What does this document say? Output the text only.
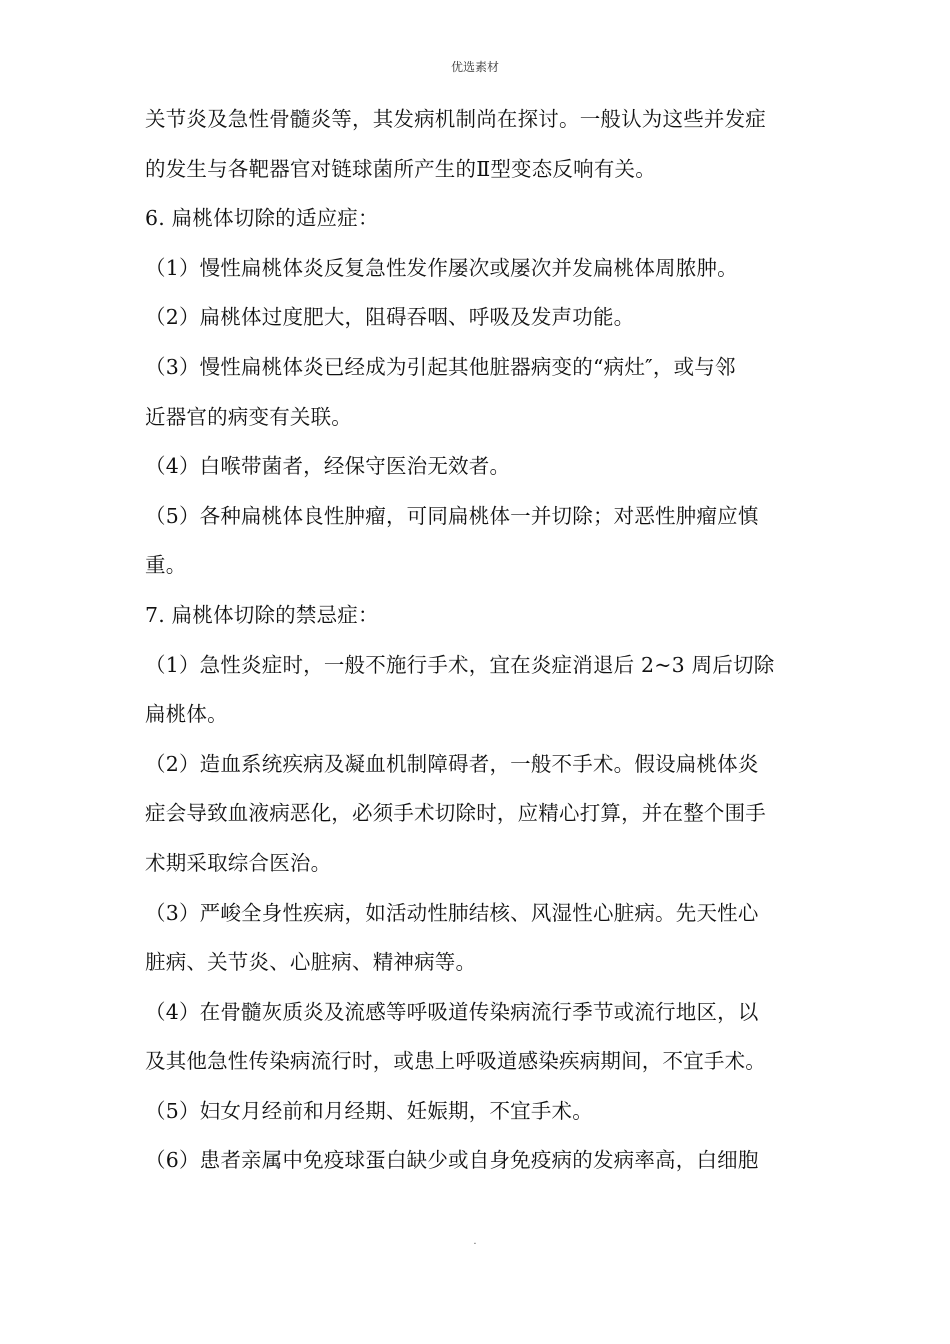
优选素材
关节炎及急性骨髓炎等，其发病机制尚在探讨。一般认为这些并发症
的发生与各靶器官对链球菌所产生的Ⅱ型变态反响有关。
6. 扁桃体切除的适应症：
（1）慢性扁桃体炎反复急性发作屡次或屡次并发扁桃体周脓肿。
（2）扁桃体过度肥大，阻碍吞咽、呼吸及发声功能。
（3）慢性扁桃体炎已经成为引起其他脏器病变的“病灶″，或与邻
近器官的病变有关联。
（4）白喉带菌者，经保守医治无效者。
（5）各种扁桃体良性肿瘤，可同扁桃体一并切除；对恶性肿瘤应慎
重。
7. 扁桃体切除的禁忌症：
（1）急性炎症时，一般不施行手术，宜在炎症消退后 2~3 周后切除
扁桃体。
（2）造血系统疾病及凝血机制障碍者，一般不手术。假设扁桃体炎
症会导致血液病恶化，必须手术切除时，应精心打算，并在整个围手
术期采取综合医治。
（3）严峻全身性疾病，如活动性肺结核、风湿性心脏病。先天性心
脏病、关节炎、心脏病、精神病等。
（4）在骨髓灰质炎及流感等呼吸道传染病流行季节或流行地区，以
及其他急性传染病流行时，或患上呼吸道感染疾病期间，不宜手术。
（5）妇女月经前和月经期、妊娠期，不宜手术。
（6）患者亲属中免疫球蛋白缺少或自身免疫病的发病率高，白细胞
.
